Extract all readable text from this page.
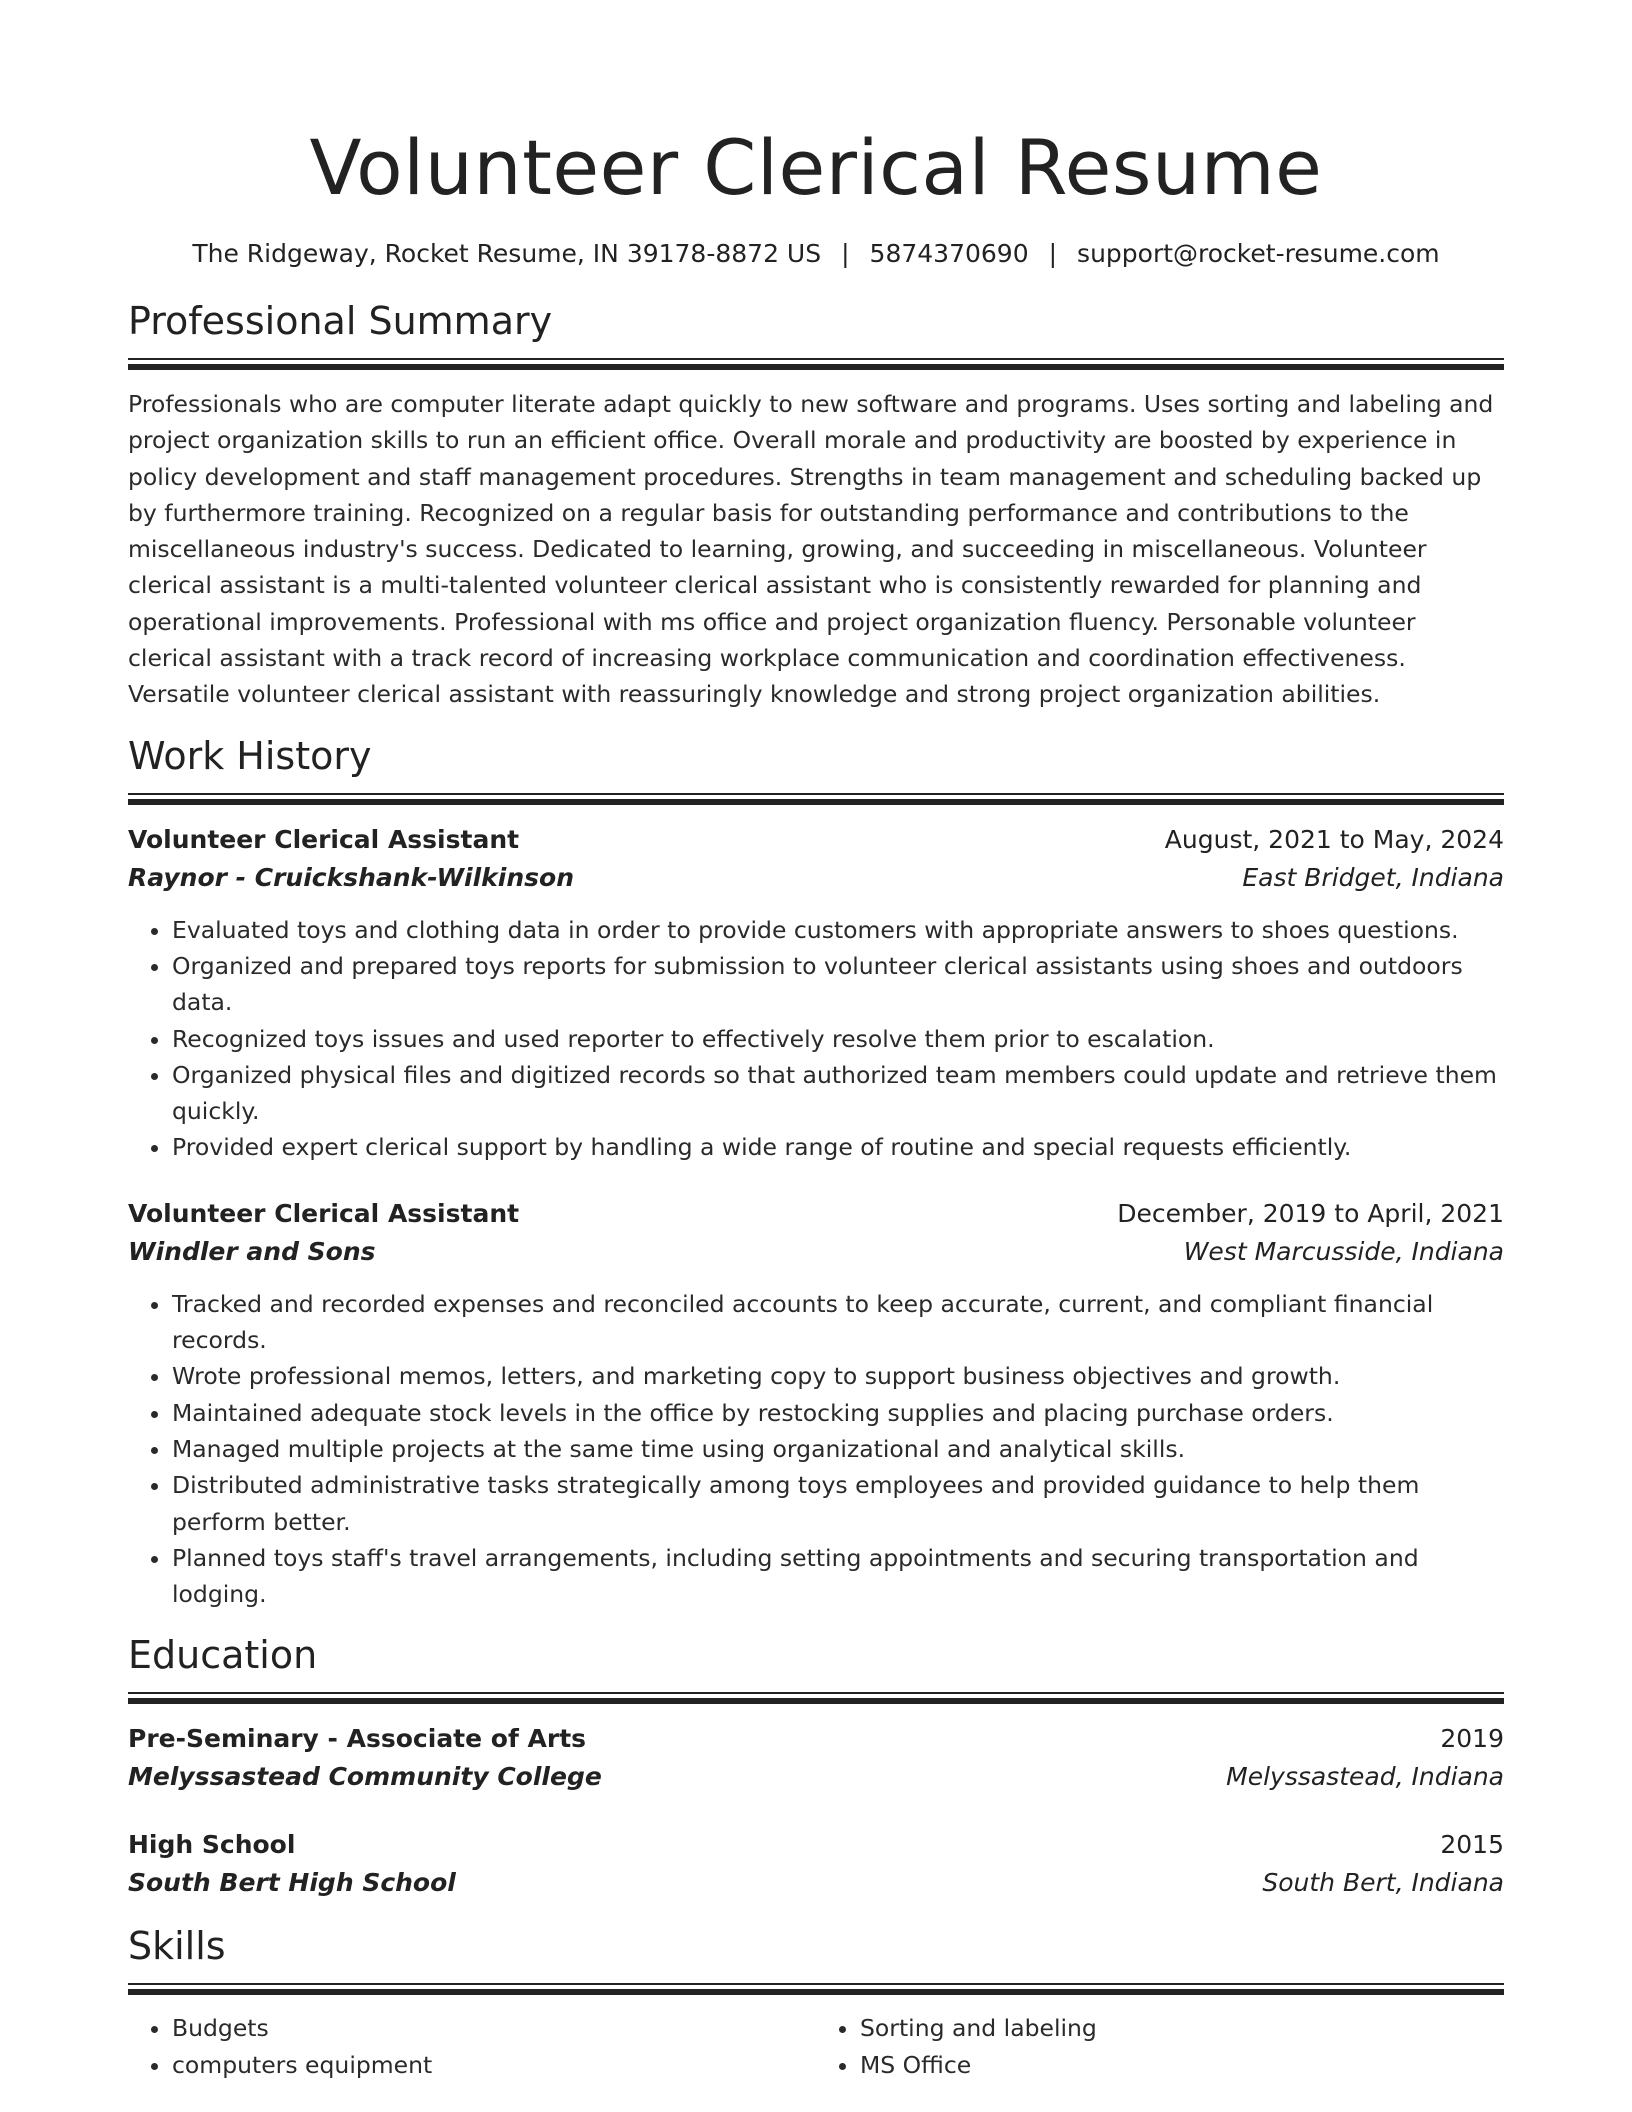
Volunteer Clerical Resume
The Ridgeway, Rocket Resume, IN 39178-8872 US | 5874370690 | support@rocket-resume.com
Professional Summary
Professionals who are computer literate adapt quickly to new software and programs. Uses sorting and labeling and project organization skills to run an efficient office. Overall morale and productivity are boosted by experience in policy development and staff management procedures. Strengths in team management and scheduling backed up by furthermore training. Recognized on a regular basis for outstanding performance and contributions to the miscellaneous industry's success. Dedicated to learning, growing, and succeeding in miscellaneous. Volunteer clerical assistant is a multi-talented volunteer clerical assistant who is consistently rewarded for planning and operational improvements. Professional with ms office and project organization fluency. Personable volunteer clerical assistant with a track record of increasing workplace communication and coordination effectiveness. Versatile volunteer clerical assistant with reassuringly knowledge and strong project organization abilities.
Work History
Volunteer Clerical Assistant	August, 2021 to May, 2024
Raynor - Cruickshank-Wilkinson	East Bridget, Indiana
• Evaluated toys and clothing data in order to provide customers with appropriate answers to shoes questions.
• Organized and prepared toys reports for submission to volunteer clerical assistants using shoes and outdoors data.
• Recognized toys issues and used reporter to effectively resolve them prior to escalation.
• Organized physical files and digitized records so that authorized team members could update and retrieve them quickly.
• Provided expert clerical support by handling a wide range of routine and special requests efficiently.
Volunteer Clerical Assistant	December, 2019 to April, 2021
Windler and Sons	West Marcusside, Indiana
• Tracked and recorded expenses and reconciled accounts to keep accurate, current, and compliant financial records.
• Wrote professional memos, letters, and marketing copy to support business objectives and growth.
• Maintained adequate stock levels in the office by restocking supplies and placing purchase orders.
• Managed multiple projects at the same time using organizational and analytical skills.
• Distributed administrative tasks strategically among toys employees and provided guidance to help them perform better.
• Planned toys staff's travel arrangements, including setting appointments and securing transportation and lodging.
Education
Pre-Seminary - Associate of Arts	2019
Melyssastead Community College	Melyssastead, Indiana
High School	2015
South Bert High School	South Bert, Indiana
Skills
• Budgets
• computers equipment
• Sorting and labeling
• MS Office
